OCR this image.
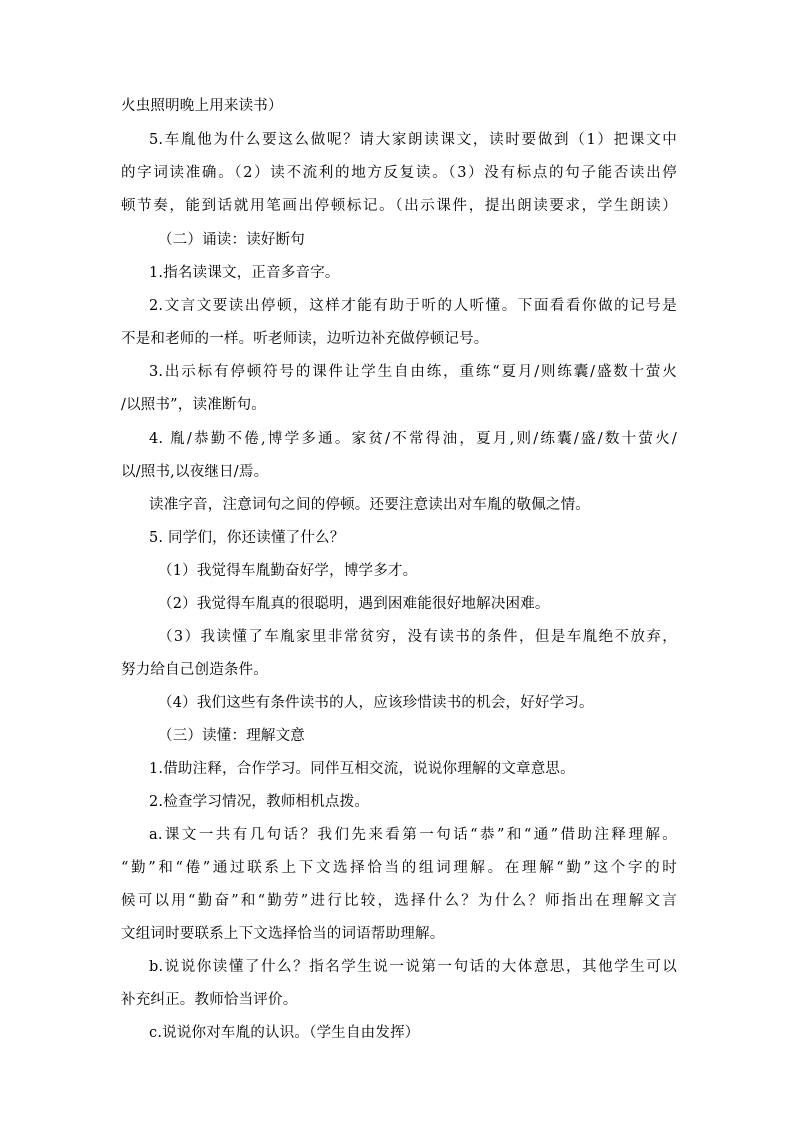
火虫照明晚上用来读书）
5.车胤他为什么要这么做呢？请大家朗读课文，读时要做到（1）把课文中
的字词读准确。（2）读不流利的地方反复读。（3）没有标点的句子能否读出停
顿节奏，能到话就用笔画出停顿标记。（出示课件，提出朗读要求，学生朗读）
（二）诵读：读好断句
1.指名读课文，正音多音字。
2.文言文要读出停顿，这样才能有助于听的人听懂。下面看看你做的记号是
不是和老师的一样。听老师读，边听边补充做停顿记号。
3.出示标有停顿符号的课件让学生自由练，重练“夏月/则练囊/盛数十萤火
/以照书”，读准断句。
4. 胤/恭勤不倦,博学多通。家贫/不常得油，夏月,则/练囊/盛/数十萤火/
以/照书,以夜继日/焉。
读准字音，注意词句之间的停顿。还要注意读出对车胤的敬佩之情。
5. 同学们，你还读懂了什么？
（1）我觉得车胤勤奋好学，博学多才。
（2）我觉得车胤真的很聪明，遇到困难能很好地解决困难。
（3）我读懂了车胤家里非常贫穷，没有读书的条件，但是车胤绝不放弃，
努力给自己创造条件。
（4）我们这些有条件读书的人，应该珍惜读书的机会，好好学习。
（三）读懂：理解文意
1.借助注释，合作学习。同伴互相交流，说说你理解的文章意思。
2.检查学习情况，教师相机点拨。
a.课文一共有几句话？我们先来看第一句话“恭”和“通”借助注释理解。
“勤”和“倦”通过联系上下文选择恰当的组词理解。在理解“勤”这个字的时
候可以用“勤奋”和“勤劳”进行比较，选择什么？为什么？师指出在理解文言
文组词时要联系上下文选择恰当的词语帮助理解。
b.说说你读懂了什么？指名学生说一说第一句话的大体意思，其他学生可以
补充纠正。教师恰当评价。
c.说说你对车胤的认识。（学生自由发挥）
